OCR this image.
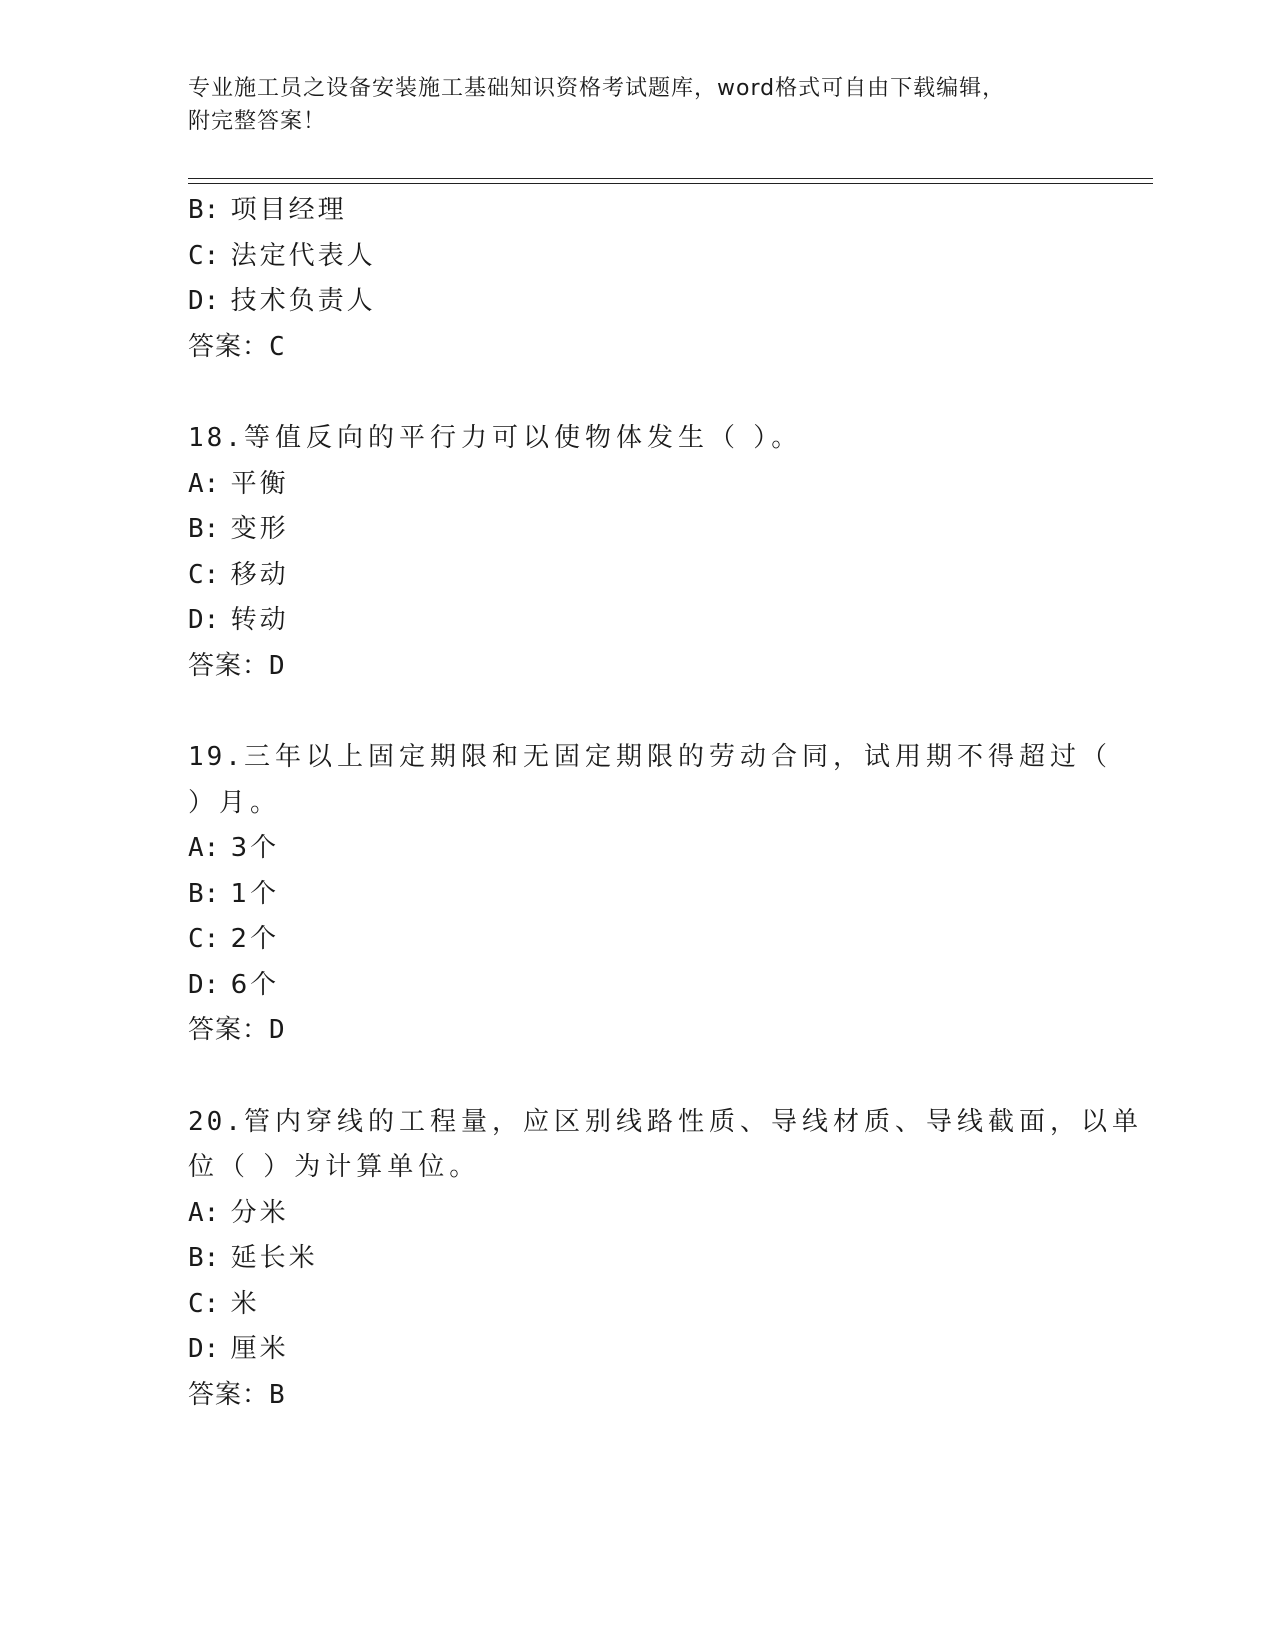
专业施工员之设备安装施工基础知识资格考试题库，word格式可自由下载编辑，
附完整答案！
B: 项目经理
C: 法定代表人
D: 技术负责人
答案：C
18.等值反向的平行力可以使物体发生（ ）。
A: 平衡
B: 变形
C: 移动
D: 转动
答案：D
19.三年以上固定期限和无固定期限的劳动合同，试用期不得超过（
）月。
A: 3个
B: 1个
C: 2个
D: 6个
答案：D
20.管内穿线的工程量，应区别线路性质、导线材质、导线截面，以单
位（ ）为计算单位。
A: 分米
B: 延长米
C: 米
D: 厘米
答案：B
